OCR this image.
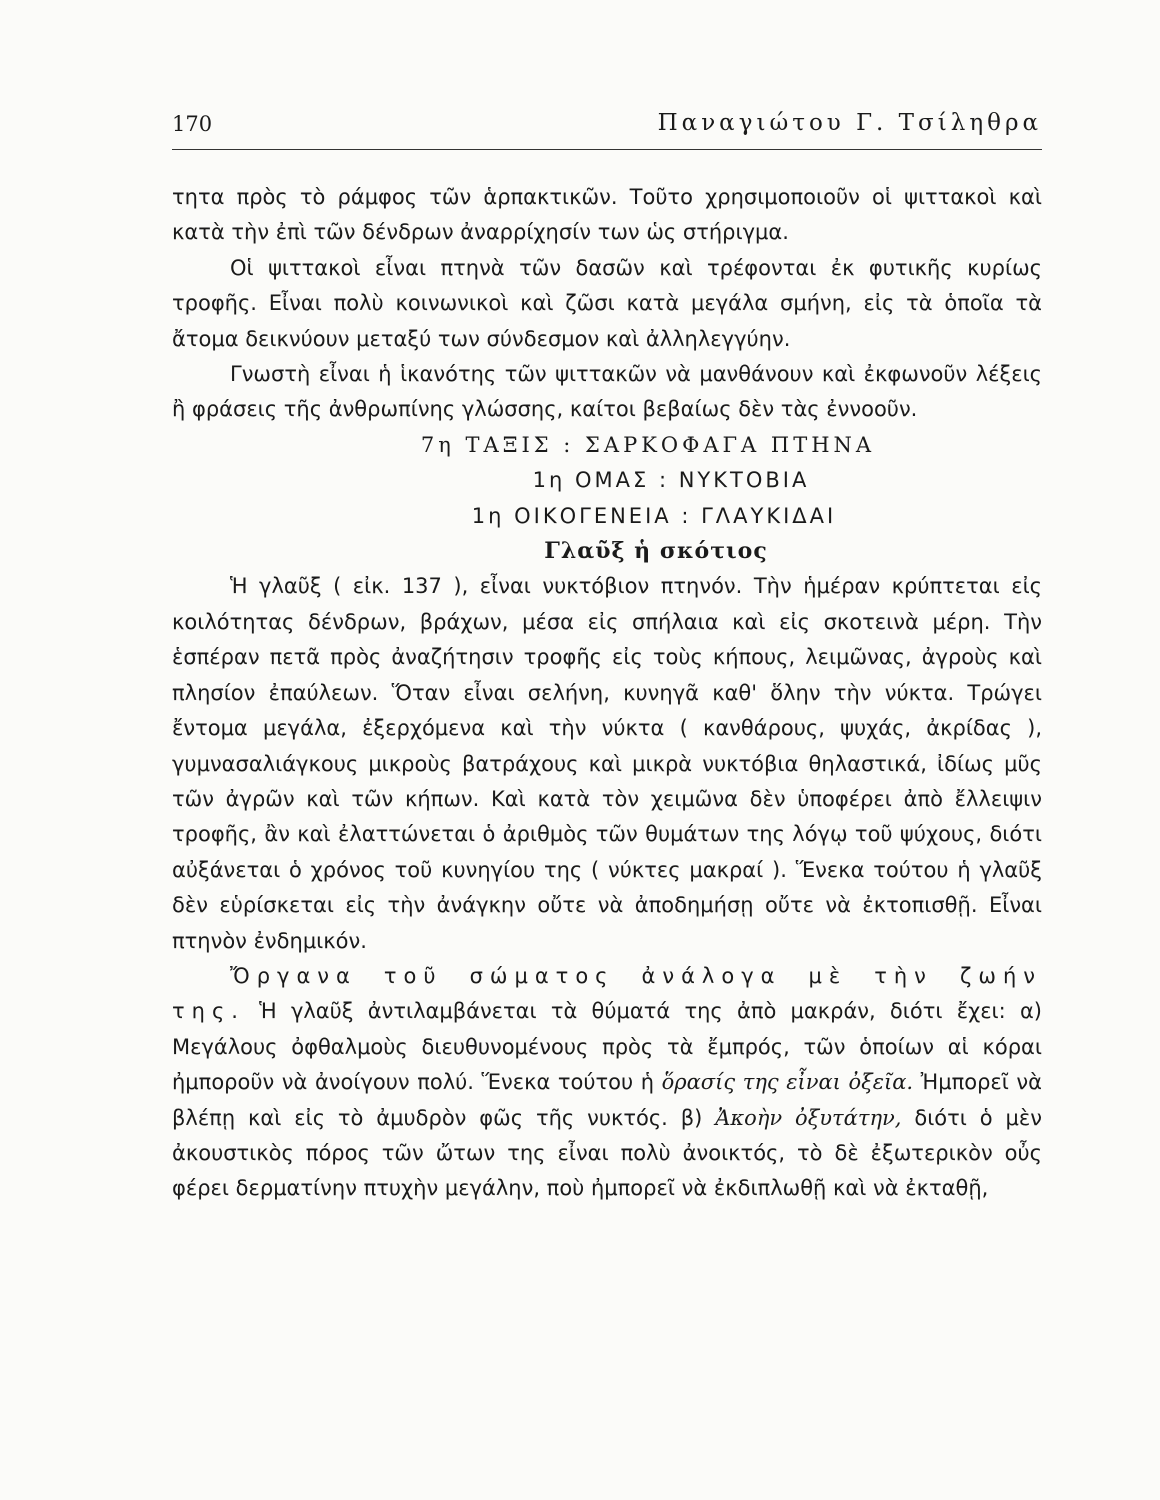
170	Παναγιώτου Γ. Τσίληθρα

τητα πρὸς τὸ ράμφος τῶν ἁρπακτικῶν. Τοῦτο χρησιμοποιοῦν οἱ ψιττακοὶ καὶ κατὰ τὴν ἐπὶ τῶν δένδρων ἀναρρίχησίν των ὡς στήριγμα.

Οἱ ψιττακοὶ εἶναι πτηνὰ τῶν δασῶν καὶ τρέφονται ἐκ φυτικῆς κυρίως τροφῆς. Εἶναι πολὺ κοινωνικοὶ καὶ ζῶσι κατὰ μεγάλα σμήνη, εἰς τὰ ὁποῖα τὰ ἄτομα δεικνύουν μεταξύ των σύνδεσμον καὶ ἀλληλεγγύην.

Γνωστὴ εἶναι ἡ ἱκανότης τῶν ψιττακῶν νὰ μανθάνουν καὶ ἐκφωνοῦν λέξεις ἢ φράσεις τῆς ἀνθρωπίνης γλώσσης, καίτοι βεβαίως δὲν τὰς ἐννοοῦν.

7η ΤΑΞΙΣ : ΣΑΡΚΟΦΑΓΑ ΠΤΗΝΑ

1η ΟΜΑΣ : ΝΥΚΤΟΒΙΑ

1η ΟΙΚΟΓΕΝΕΙΑ : ΓΛΑΥΚΙΔΑΙ

Γλαῦξ ἡ σκότιος

Ἡ γλαῦξ ( εἰκ. 137 ), εἶναι νυκτόβιον πτηνόν. Τὴν ἡμέραν κρύπτεται εἰς κοιλότητας δένδρων, βράχων, μέσα εἰς σπήλαια καὶ εἰς σκοτεινὰ μέρη. Τὴν ἑσπέραν πετᾶ πρὸς ἀναζήτησιν τροφῆς εἰς τοὺς κήπους, λειμῶνας, ἀγροὺς καὶ πλησίον ἐπαύλεων. Ὅταν εἶναι σελήνη, κυνηγᾶ καθ' ὅλην τὴν νύκτα. Τρώγει ἔντομα μεγάλα, ἐξερχόμενα καὶ τὴν νύκτα ( κανθάρους, ψυχάς, ἀκρίδας ), γυμνασαλιάγκους μικροὺς βατράχους καὶ μικρὰ νυκτόβια θηλαστικά, ἰδίως μῦς τῶν ἀγρῶν καὶ τῶν κήπων. Καὶ κατὰ τὸν χειμῶνα δὲν ὑποφέρει ἀπὸ ἔλλειψιν τροφῆς, ἂν καὶ ἐλαττώνεται ὁ ἀριθμὸς τῶν θυμάτων της λόγῳ τοῦ ψύχους, διότι αὐξάνεται ὁ χρόνος τοῦ κυνηγίου της ( νύκτες μακραί ). Ἕνεκα τούτου ἡ γλαῦξ δὲν εὑρίσκεται εἰς τὴν ἀνάγκην οὔτε νὰ ἀποδημήσῃ οὔτε νὰ ἐκτοπισθῇ. Εἶναι πτηνὸν ἐνδημικόν.

Ὄργανα τοῦ σώματος ἀνάλογα μὲ τὴν ζωήν της. Ἡ γλαῦξ ἀντιλαμβάνεται τὰ θύματά της ἀπὸ μακράν, διότι ἔχει: α) Μεγάλους ὀφθαλμοὺς διευθυνομένους πρὸς τὰ ἔμπρός, τῶν ὁποίων αἱ κόραι ἠμποροῦν νὰ ἀνοίγουν πολύ. Ἕνεκα τούτου ἡ ὅρασίς της εἶναι ὀξεῖα. Ἠμπορεῖ νὰ βλέπῃ καὶ εἰς τὸ ἀμυδρὸν φῶς τῆς νυκτός. β) Ἀκοὴν ὀξυτάτην, διότι ὁ μὲν ἀκουστικὸς πόρος τῶν ὤτων της εἶναι πολὺ ἀνοικτός, τὸ δὲ ἐξωτερικὸν οὖς φέρει δερματίνην πτυχὴν μεγάλην, ποὺ ἠμπορεῖ νὰ ἐκδιπλωθῇ καὶ νὰ ἐκταθῇ,
